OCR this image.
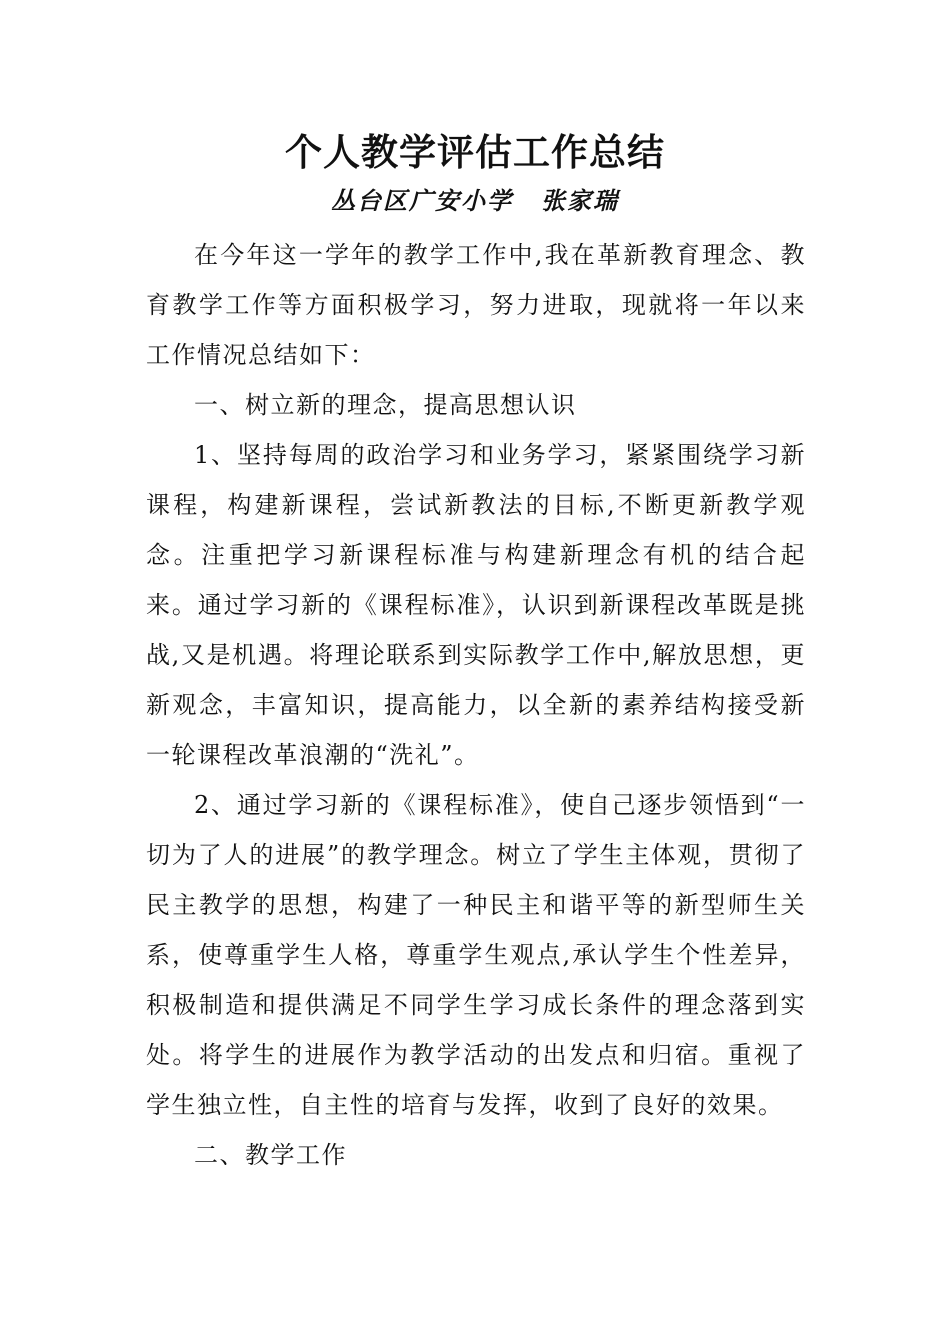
个人教学评估工作总结
丛台区广安小学 张家瑞

在今年这一学年的教学工作中,我在革新教育理念、教育教学工作等方面积极学习，努力进取，现就将一年以来工作情况总结如下：

一、树立新的理念，提高思想认识

1、坚持每周的政治学习和业务学习，紧紧围绕学习新课程，构建新课程，尝试新教法的目标,不断更新教学观念。注重把学习新课程标准与构建新理念有机的结合起来。通过学习新的《课程标准》，认识到新课程改革既是挑战,又是机遇。将理论联系到实际教学工作中,解放思想，更新观念，丰富知识，提高能力，以全新的素养结构接受新一轮课程改革浪潮的“洗礼”。

2、通过学习新的《课程标准》，使自己逐步领悟到“一切为了人的进展”的教学理念。树立了学生主体观，贯彻了民主教学的思想，构建了一种民主和谐平等的新型师生关系，使尊重学生人格，尊重学生观点,承认学生个性差异，积极制造和提供满足不同学生学习成长条件的理念落到实处。将学生的进展作为教学活动的出发点和归宿。重视了学生独立性，自主性的培育与发挥，收到了良好的效果。

二、教学工作
